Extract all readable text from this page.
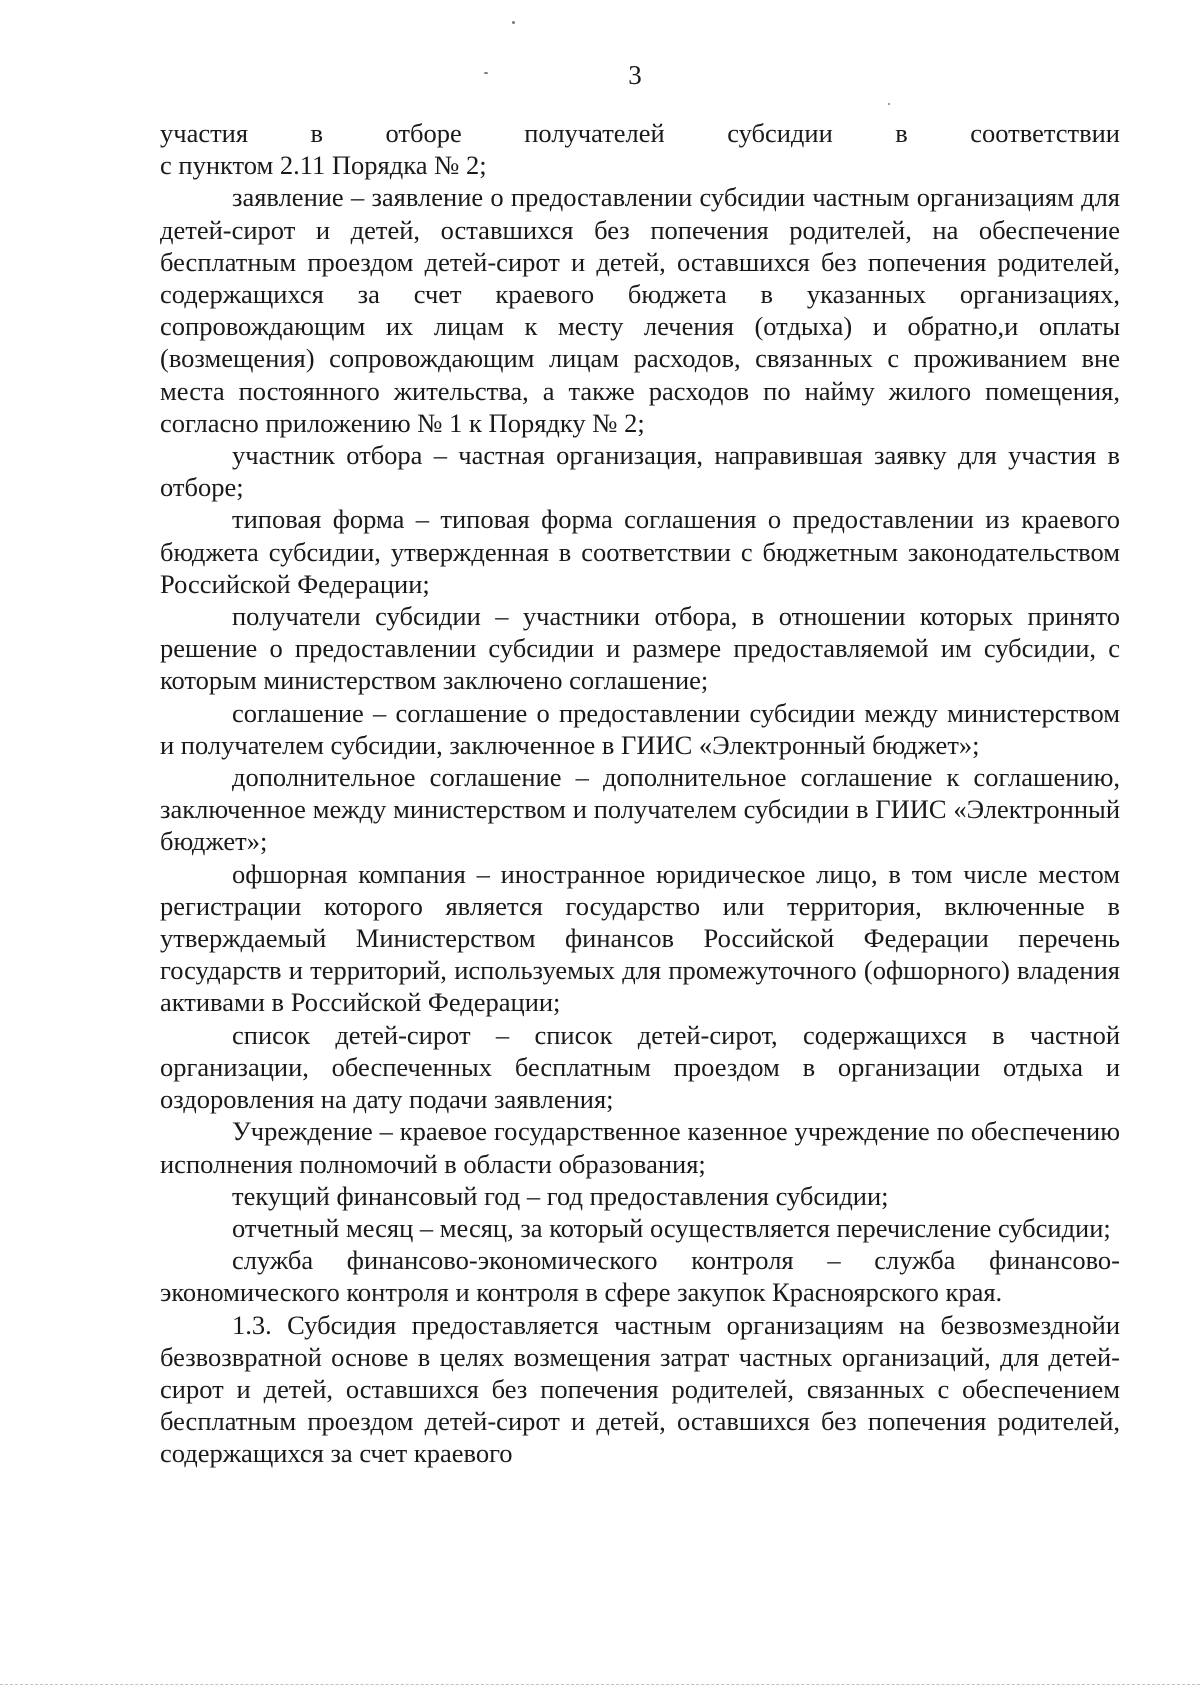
3

участия в отборе получателей субсидии в соответствии

с пунктом 2.11 Порядка № 2;

заявление – заявление о предоставлении субсидии частным организациям для детей-сирот и детей, оставшихся без попечения родителей, на обеспечение бесплатным проездом детей-сирот и детей, оставшихся без попечения родителей, содержащихся за счет краевого бюджета в указанных организациях, сопровождающим их лицам к месту лечения (отдыха) и обратно,и оплаты (возмещения) сопровождающим лицам расходов, связанных с проживанием вне места постоянного жительства, а также расходов по найму жилого помещения, согласно приложению № 1 к Порядку № 2;

участник отбора – частная организация, направившая заявку для участия в отборе;

типовая форма – типовая форма соглашения о предоставлении из краевого бюджета субсидии, утвержденная в соответствии с бюджетным законодательством Российской Федерации;

получатели субсидии – участники отбора, в отношении которых принято решение о предоставлении субсидии и размере предоставляемой им субсидии, с которым министерством заключено соглашение;

соглашение – соглашение о предоставлении субсидии между министерством и получателем субсидии, заключенное в ГИИС «Электронный бюджет»;

дополнительное соглашение – дополнительное соглашение к соглашению, заключенное между министерством и получателем субсидии в ГИИС «Электронный бюджет»;

офшорная компания – иностранное юридическое лицо, в том числе местом регистрации которого является государство или территория, включенные в утверждаемый Министерством финансов Российской Федерации перечень государств и территорий, используемых для промежуточного (офшорного) владения активами в Российской Федерации;

список детей-сирот – список детей-сирот, содержащихся в частной организации, обеспеченных бесплатным проездом в организации отдыха и оздоровления на дату подачи заявления;

Учреждение – краевое государственное казенное учреждение по обеспечению исполнения полномочий в области образования;

текущий финансовый год – год предоставления субсидии;

отчетный месяц – месяц, за который осуществляется перечисление субсидии;

служба финансово-экономического контроля – служба финансово-экономического контроля и контроля в сфере закупок Красноярского края.

1.3. Субсидия предоставляется частным организациям на безвозмезднойи безвозвратной основе в целях возмещения затрат частных организаций, для детей-сирот и детей, оставшихся без попечения родителей, связанных с обеспечением бесплатным проездом детей-сирот и детей, оставшихся без попечения родителей, содержащихся за счет краевого
